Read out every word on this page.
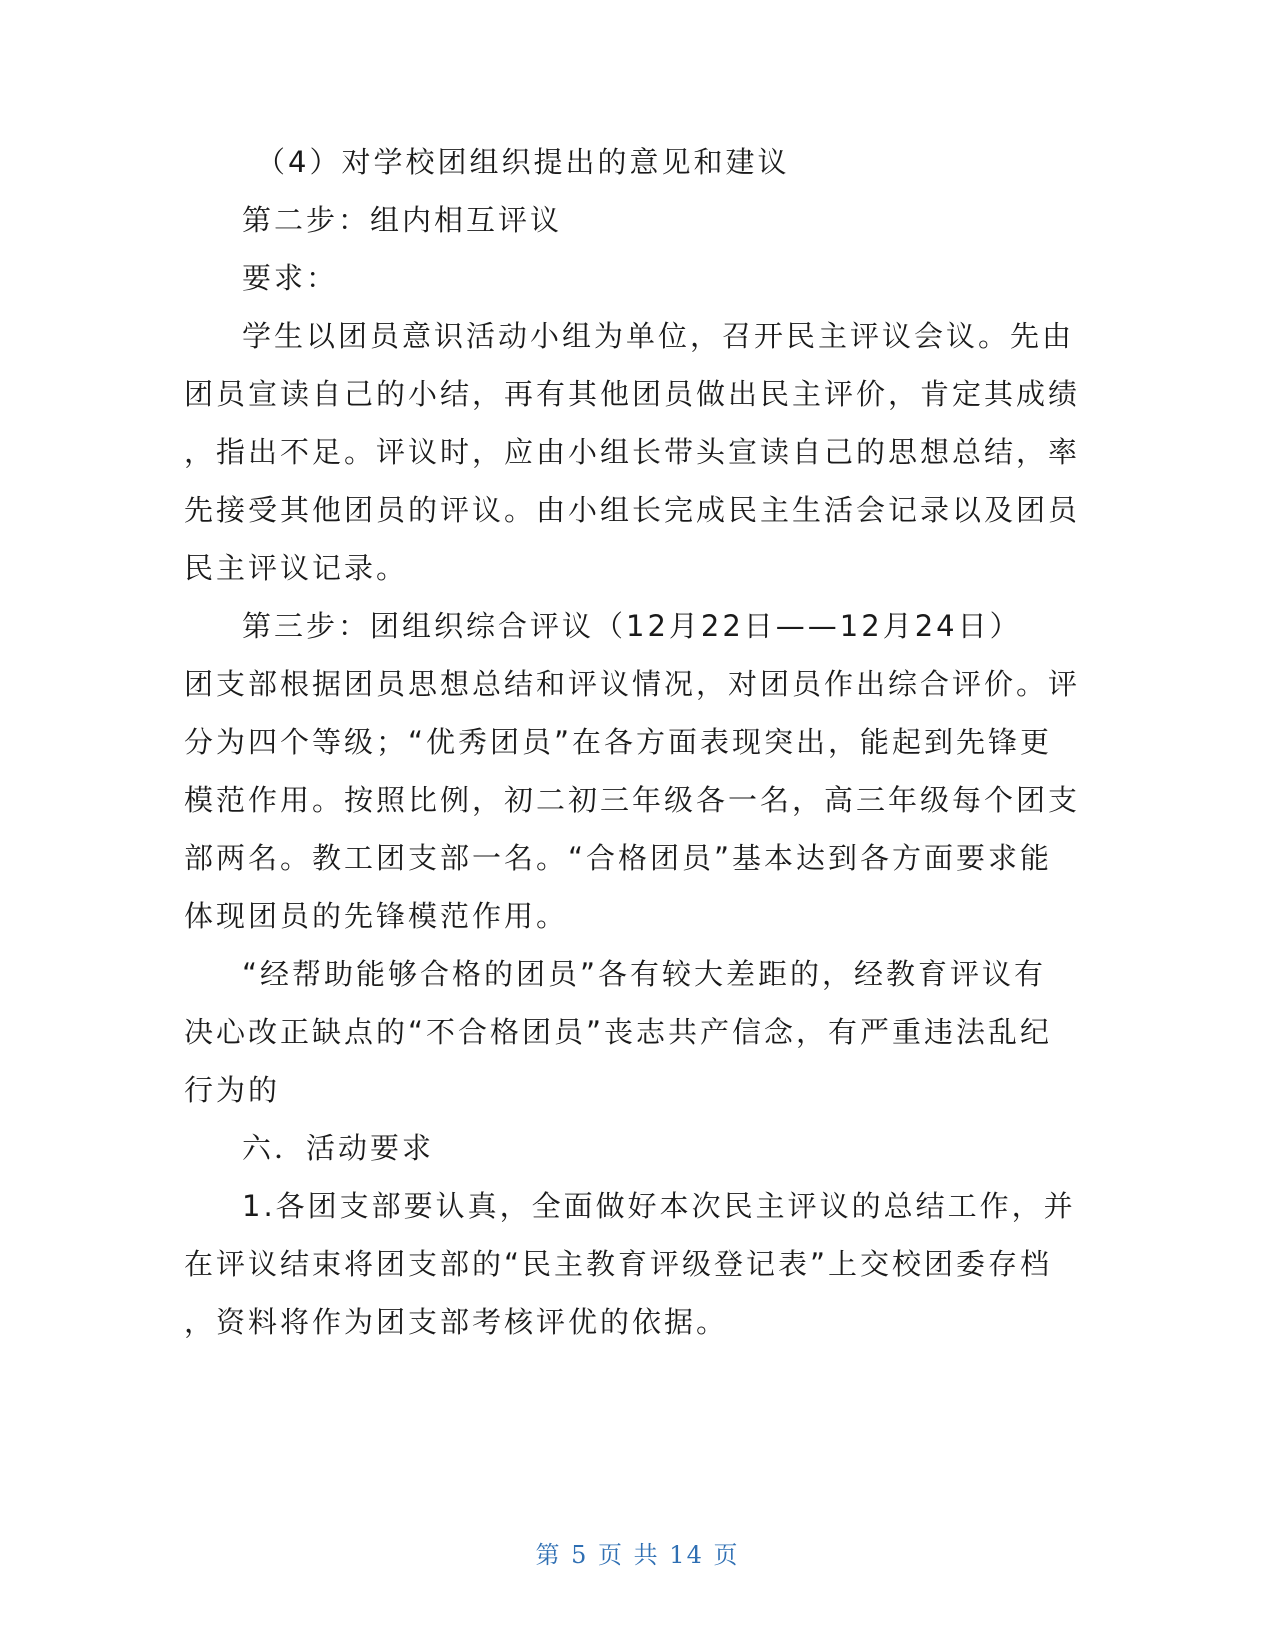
（4）对学校团组织提出的意见和建议
第二步：组内相互评议
要求：
学生以团员意识活动小组为单位，召开民主评议会议。先由
团员宣读自己的小结，再有其他团员做出民主评价，肯定其成绩
，指出不足。评议时，应由小组长带头宣读自己的思想总结，率
先接受其他团员的评议。由小组长完成民主生活会记录以及团员
民主评议记录。
第三步：团组织综合评议（12月22日——12月24日）
团支部根据团员思想总结和评议情况，对团员作出综合评价。评
分为四个等级；“优秀团员”在各方面表现突出，能起到先锋更
模范作用。按照比例，初二初三年级各一名，高三年级每个团支
部两名。教工团支部一名。“合格团员”基本达到各方面要求能
体现团员的先锋模范作用。
“经帮助能够合格的团员”各有较大差距的，经教育评议有
决心改正缺点的“不合格团员”丧志共产信念，有严重违法乱纪
行为的
六．活动要求
1.各团支部要认真，全面做好本次民主评议的总结工作，并
在评议结束将团支部的“民主教育评级登记表”上交校团委存档
，资料将作为团支部考核评优的依据。
第 5 页 共 14 页
